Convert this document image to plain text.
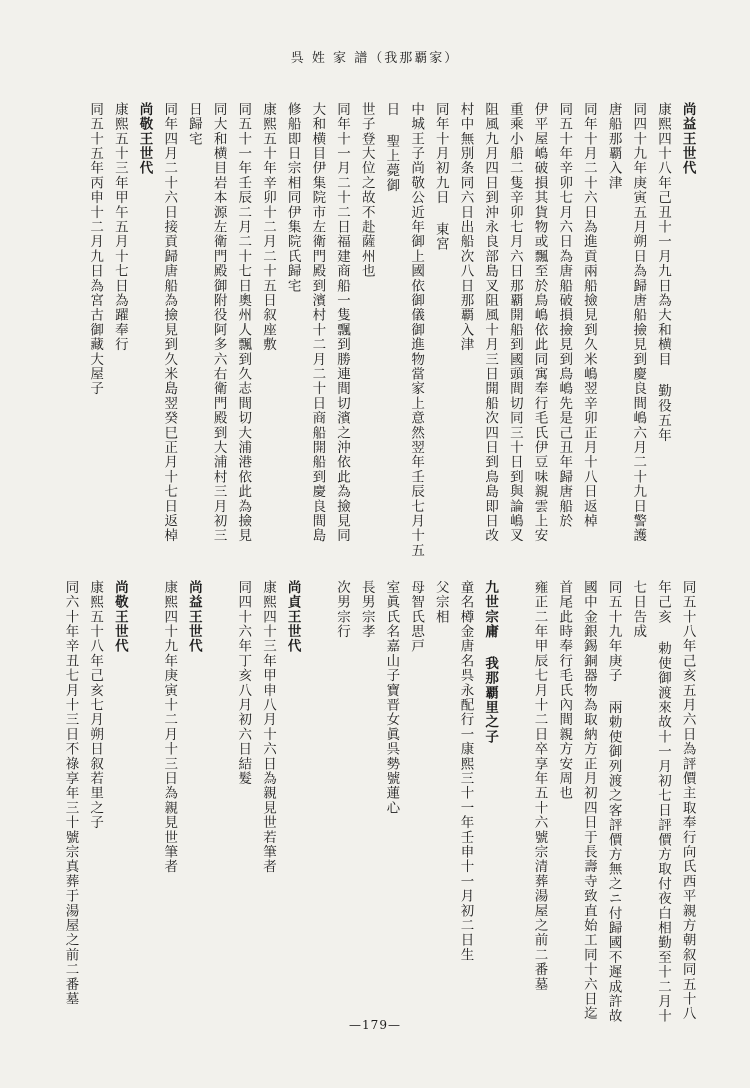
呉 姓 家 譜（我那覇家）
尚益王世代
康熙四十八年己丑十一月九日為大和横目 勤役五年
同四十九年庚寅五月朔日為歸唐船撿見到慶良間嶋六月二十九日警護
唐船那覇入津
同年十月二十六日為進貢兩船撿見到久米嶋翌辛卯正月十八日返棹
同五十年辛卯七月六日為唐船破損撿見到鳥嶋先是己丑年歸唐船於
伊平屋嶋破損其貨物或飄至於鳥嶋依此同寓奉行毛氏伊豆味親雲上安
重乘小船二隻辛卯七月六日那覇開船到國頭間切同三十日到與論嶋叉
阻風九月四日到沖永良部島叉阻風十月三日開船次四日到鳥島即日改
村中無別条同六日出船次八日那覇入津
同年十月初九日 東宮
中城王子尚敬公近年御上國依御儀御進物當家上意然翌年壬辰七月十五
日 聖上薨御
世子登大位之故不赴薩州也
同年十一月二十二日福建商船一隻飄到勝連間切濱之沖依此為撿見同
大和横目伊集院市左衛門殿到濱村十二月二十日商船開船到慶良間島
修船即日宗相同伊集院氏歸宅
康熙五十年辛卯十二月二十五日叙座敷
同五十一年壬辰二月二十七日奧州人飄到久志間切大浦港依此為撿見
同大和横目岩本源左衛門殿御附役阿多六右衛門殿到大浦村三月初三
日歸宅
同年四月二十六日接貢歸唐船為撿見到久米島翌癸巳正月十七日返棹
尚敬王世代
康熙五十三年甲午五月十七日為躍奉行
同五十五年丙申十二月九日為宮古御藏大屋子
同五十八年己亥五月六日為評價主取奉行向氏西平親方朝叙同五十八
年己亥 勅使御渡來故十一月初七日評價方取付夜白相勤至十二月十
七日告成
同五十九年庚子 兩勅使御列渡之客評價方無之ニ付歸國不遲成許故
國中金銀錫銅器物為取納方正月初四日于長壽寺致直始工同十六日迄
首尾此時奉行毛氏內間親方安周也
雍正二年甲辰七月十二日卒享年五十六號宗清葬湯屋之前二番墓
九世宗庸 我那覇里之子
童名樽金唐名呉永配行一康熙三十一年壬申十一月初二日生
父宗相
母智氏思戸
室眞氏名嘉山子寶晋女眞呉勢號蓮心
長男宗孝
次男宗行
尚貞王世代
康熙四十三年甲申八月十六日為親見世若筆者
同四十六年丁亥八月初六日結髮
尚益王世代
康熙四十九年庚寅十二月十三日為親見世筆者
尚敬王世代
康熙五十八年己亥七月朔日叙若里之子
同六十年辛丑七月十三日不祿享年三十號宗真葬于湯屋之前二番墓
—179—
